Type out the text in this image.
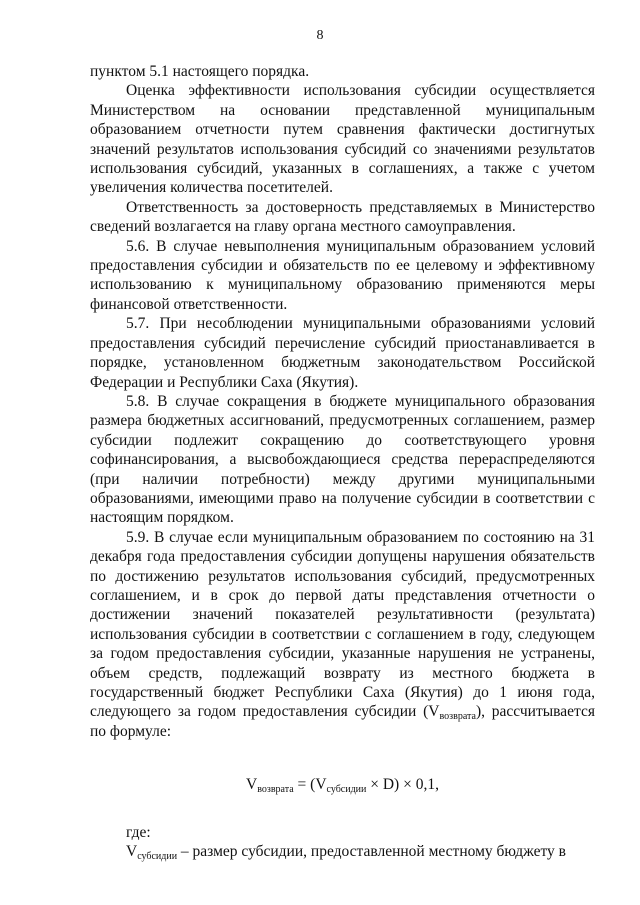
8

пунктом 5.1 настоящего порядка.

Оценка эффективности использования субсидии осуществляется Министерством на основании представленной муниципальным образованием отчетности путем сравнения фактически достигнутых значений результатов использования субсидий со значениями результатов использования субсидий, указанных в соглашениях, а также с учетом увеличения количества посетителей.

Ответственность за достоверность представляемых в Министерство сведений возлагается на главу органа местного самоуправления.

5.6. В случае невыполнения муниципальным образованием условий предоставления субсидии и обязательств по ее целевому и эффективному использованию к муниципальному образованию применяются меры финансовой ответственности.

5.7. При несоблюдении муниципальными образованиями условий предоставления субсидий перечисление субсидий приостанавливается в порядке, установленном бюджетным законодательством Российской Федерации и Республики Саха (Якутия).

5.8. В случае сокращения в бюджете муниципального образования размера бюджетных ассигнований, предусмотренных соглашением, размер субсидии подлежит сокращению до соответствующего уровня софинансирования, а высвобождающиеся средства перераспределяются (при наличии потребности) между другими муниципальными образованиями, имеющими право на получение субсидии в соответствии с настоящим порядком.

5.9. В случае если муниципальным образованием по состоянию на 31 декабря года предоставления субсидии допущены нарушения обязательств по достижению результатов использования субсидий, предусмотренных соглашением, и в срок до первой даты представления отчетности о достижении значений показателей результативности (результата) использования субсидии в соответствии с соглашением в году, следующем за годом предоставления субсидии, указанные нарушения не устранены, объем средств, подлежащий возврату из местного бюджета в государственный бюджет Республики Саха (Якутия) до 1 июня года, следующего за годом предоставления субсидии $(V_{возврата})$, рассчитывается по формуле:

$V_{возврата} = (V_{субсидии} \times D) \times 0,1$,

где:

$V_{субсидии}$ – размер субсидии, предоставленной местному бюджету в
